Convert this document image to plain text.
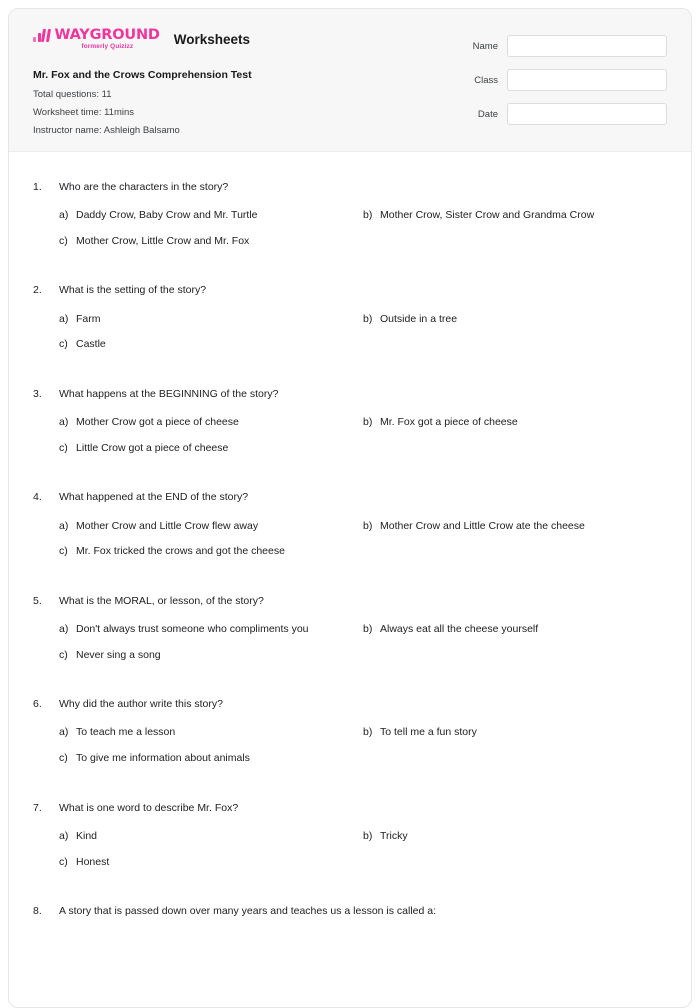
WAYGROUND
formerly Quizizz
Worksheets
Mr. Fox and the Crows Comprehension Test
Total questions: 11
Worksheet time: 11mins
Instructor name: Ashleigh Balsamo
Name
Class
Date
1.	Who are the characters in the story?
a) Daddy Crow, Baby Crow and Mr. Turtle	b) Mother Crow, Sister Crow and Grandma Crow
c) Mother Crow, Little Crow and Mr. Fox
2.	What is the setting of the story?
a) Farm	b) Outside in a tree
c) Castle
3.	What happens at the BEGINNING of the story?
a) Mother Crow got a piece of cheese	b) Mr. Fox got a piece of cheese
c) Little Crow got a piece of cheese
4.	What happened at the END of the story?
a) Mother Crow and Little Crow flew away	b) Mother Crow and Little Crow ate the cheese
c) Mr. Fox tricked the crows and got the cheese
5.	What is the MORAL, or lesson, of the story?
a) Don't always trust someone who compliments you	b) Always eat all the cheese yourself
c) Never sing a song
6.	Why did the author write this story?
a) To teach me a lesson	b) To tell me a fun story
c) To give me information about animals
7.	What is one word to describe Mr. Fox?
a) Kind	b) Tricky
c) Honest
8.	A story that is passed down over many years and teaches us a lesson is called a:
